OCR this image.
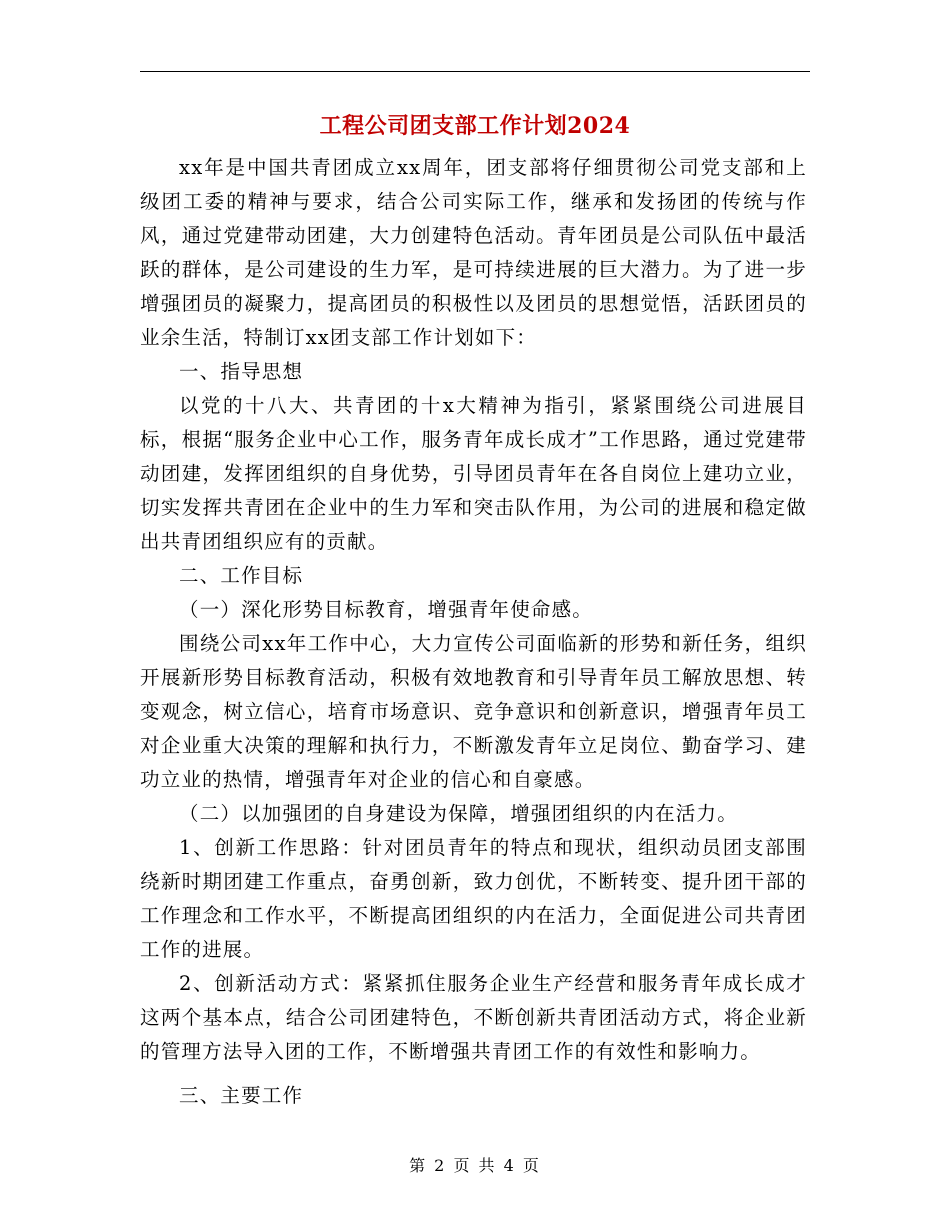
工程公司团支部工作计划2024

xx年是中国共青团成立xx周年，团支部将仔细贯彻公司党支部和上级团工委的精神与要求，结合公司实际工作，继承和发扬团的传统与作风，通过党建带动团建，大力创建特色活动。青年团员是公司队伍中最活跃的群体，是公司建设的生力军，是可持续进展的巨大潜力。为了进一步增强团员的凝聚力，提高团员的积极性以及团员的思想觉悟，活跃团员的业余生活，特制订xx团支部工作计划如下：

一、指导思想

以党的十八大、共青团的十x大精神为指引，紧紧围绕公司进展目标，根据“服务企业中心工作，服务青年成长成才”工作思路，通过党建带动团建，发挥团组织的自身优势，引导团员青年在各自岗位上建功立业，切实发挥共青团在企业中的生力军和突击队作用，为公司的进展和稳定做出共青团组织应有的贡献。

二、工作目标

（一）深化形势目标教育，增强青年使命感。

围绕公司xx年工作中心，大力宣传公司面临新的形势和新任务，组织开展新形势目标教育活动，积极有效地教育和引导青年员工解放思想、转变观念，树立信心，培育市场意识、竞争意识和创新意识，增强青年员工对企业重大决策的理解和执行力，不断激发青年立足岗位、勤奋学习、建功立业的热情，增强青年对企业的信心和自豪感。

（二）以加强团的自身建设为保障，增强团组织的内在活力。

1、创新工作思路：针对团员青年的特点和现状，组织动员团支部围绕新时期团建工作重点，奋勇创新，致力创优，不断转变、提升团干部的工作理念和工作水平，不断提高团组织的内在活力，全面促进公司共青团工作的进展。

2、创新活动方式：紧紧抓住服务企业生产经营和服务青年成长成才这两个基本点，结合公司团建特色，不断创新共青团活动方式，将企业新的管理方法导入团的工作，不断增强共青团工作的有效性和影响力。

三、主要工作

第 2 页 共 4 页
